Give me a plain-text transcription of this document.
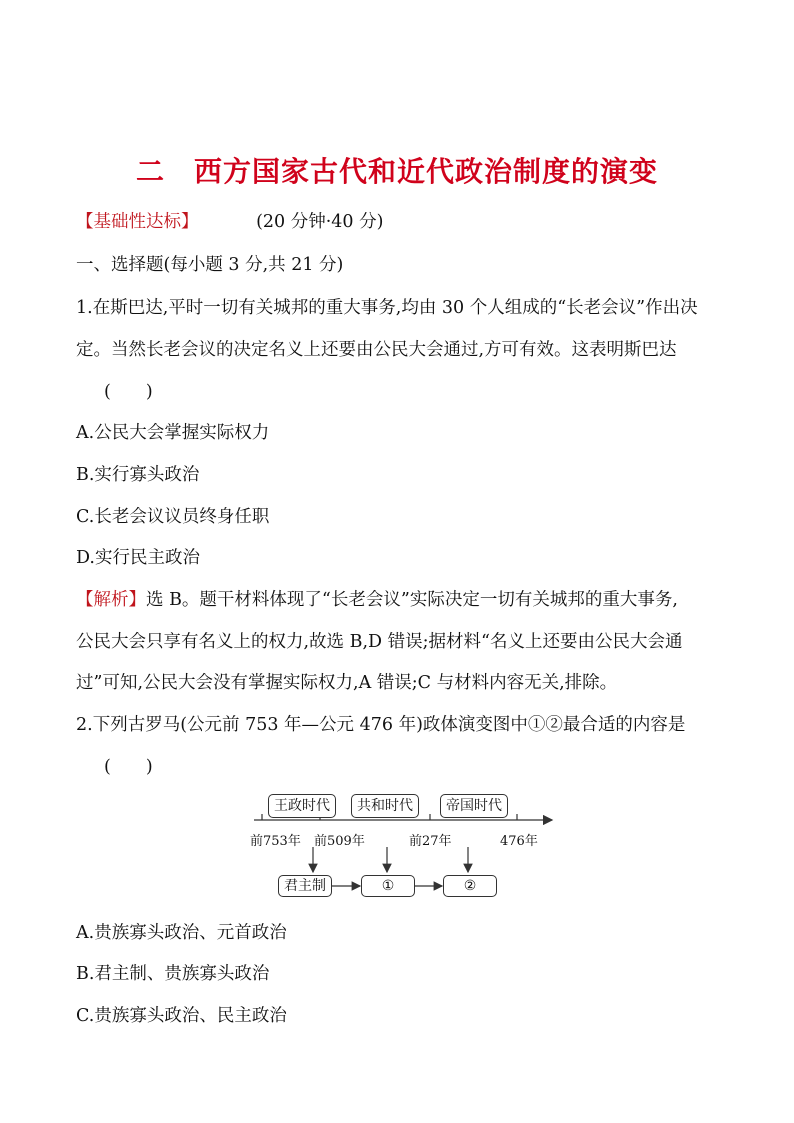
二　西方国家古代和近代政治制度的演变
【基础性达标】	(20 分钟·40 分)
一、选择题(每小题 3 分,共 21 分)
1.在斯巴达,平时一切有关城邦的重大事务,均由 30 个人组成的“长老会议”作出决
定。当然长老会议的决定名义上还要由公民大会通过,方可有效。这表明斯巴达
(　　)
A.公民大会掌握实际权力
B.实行寡头政治
C.长老会议议员终身任职
D.实行民主政治
【解析】选 B。题干材料体现了“长老会议”实际决定一切有关城邦的重大事务,
公民大会只享有名义上的权力,故选 B,D 错误;据材料“名义上还要由公民大会通
过”可知,公民大会没有掌握实际权力,A 错误;C 与材料内容无关,排除。
2.下列古罗马(公元前 753 年—公元 476 年)政体演变图中①②最合适的内容是
(　　)
王政时代	共和时代	帝国时代
前753年 前509年	前27年	476年
君主制	①	②
A.贵族寡头政治、元首政治
B.君主制、贵族寡头政治
C.贵族寡头政治、民主政治
